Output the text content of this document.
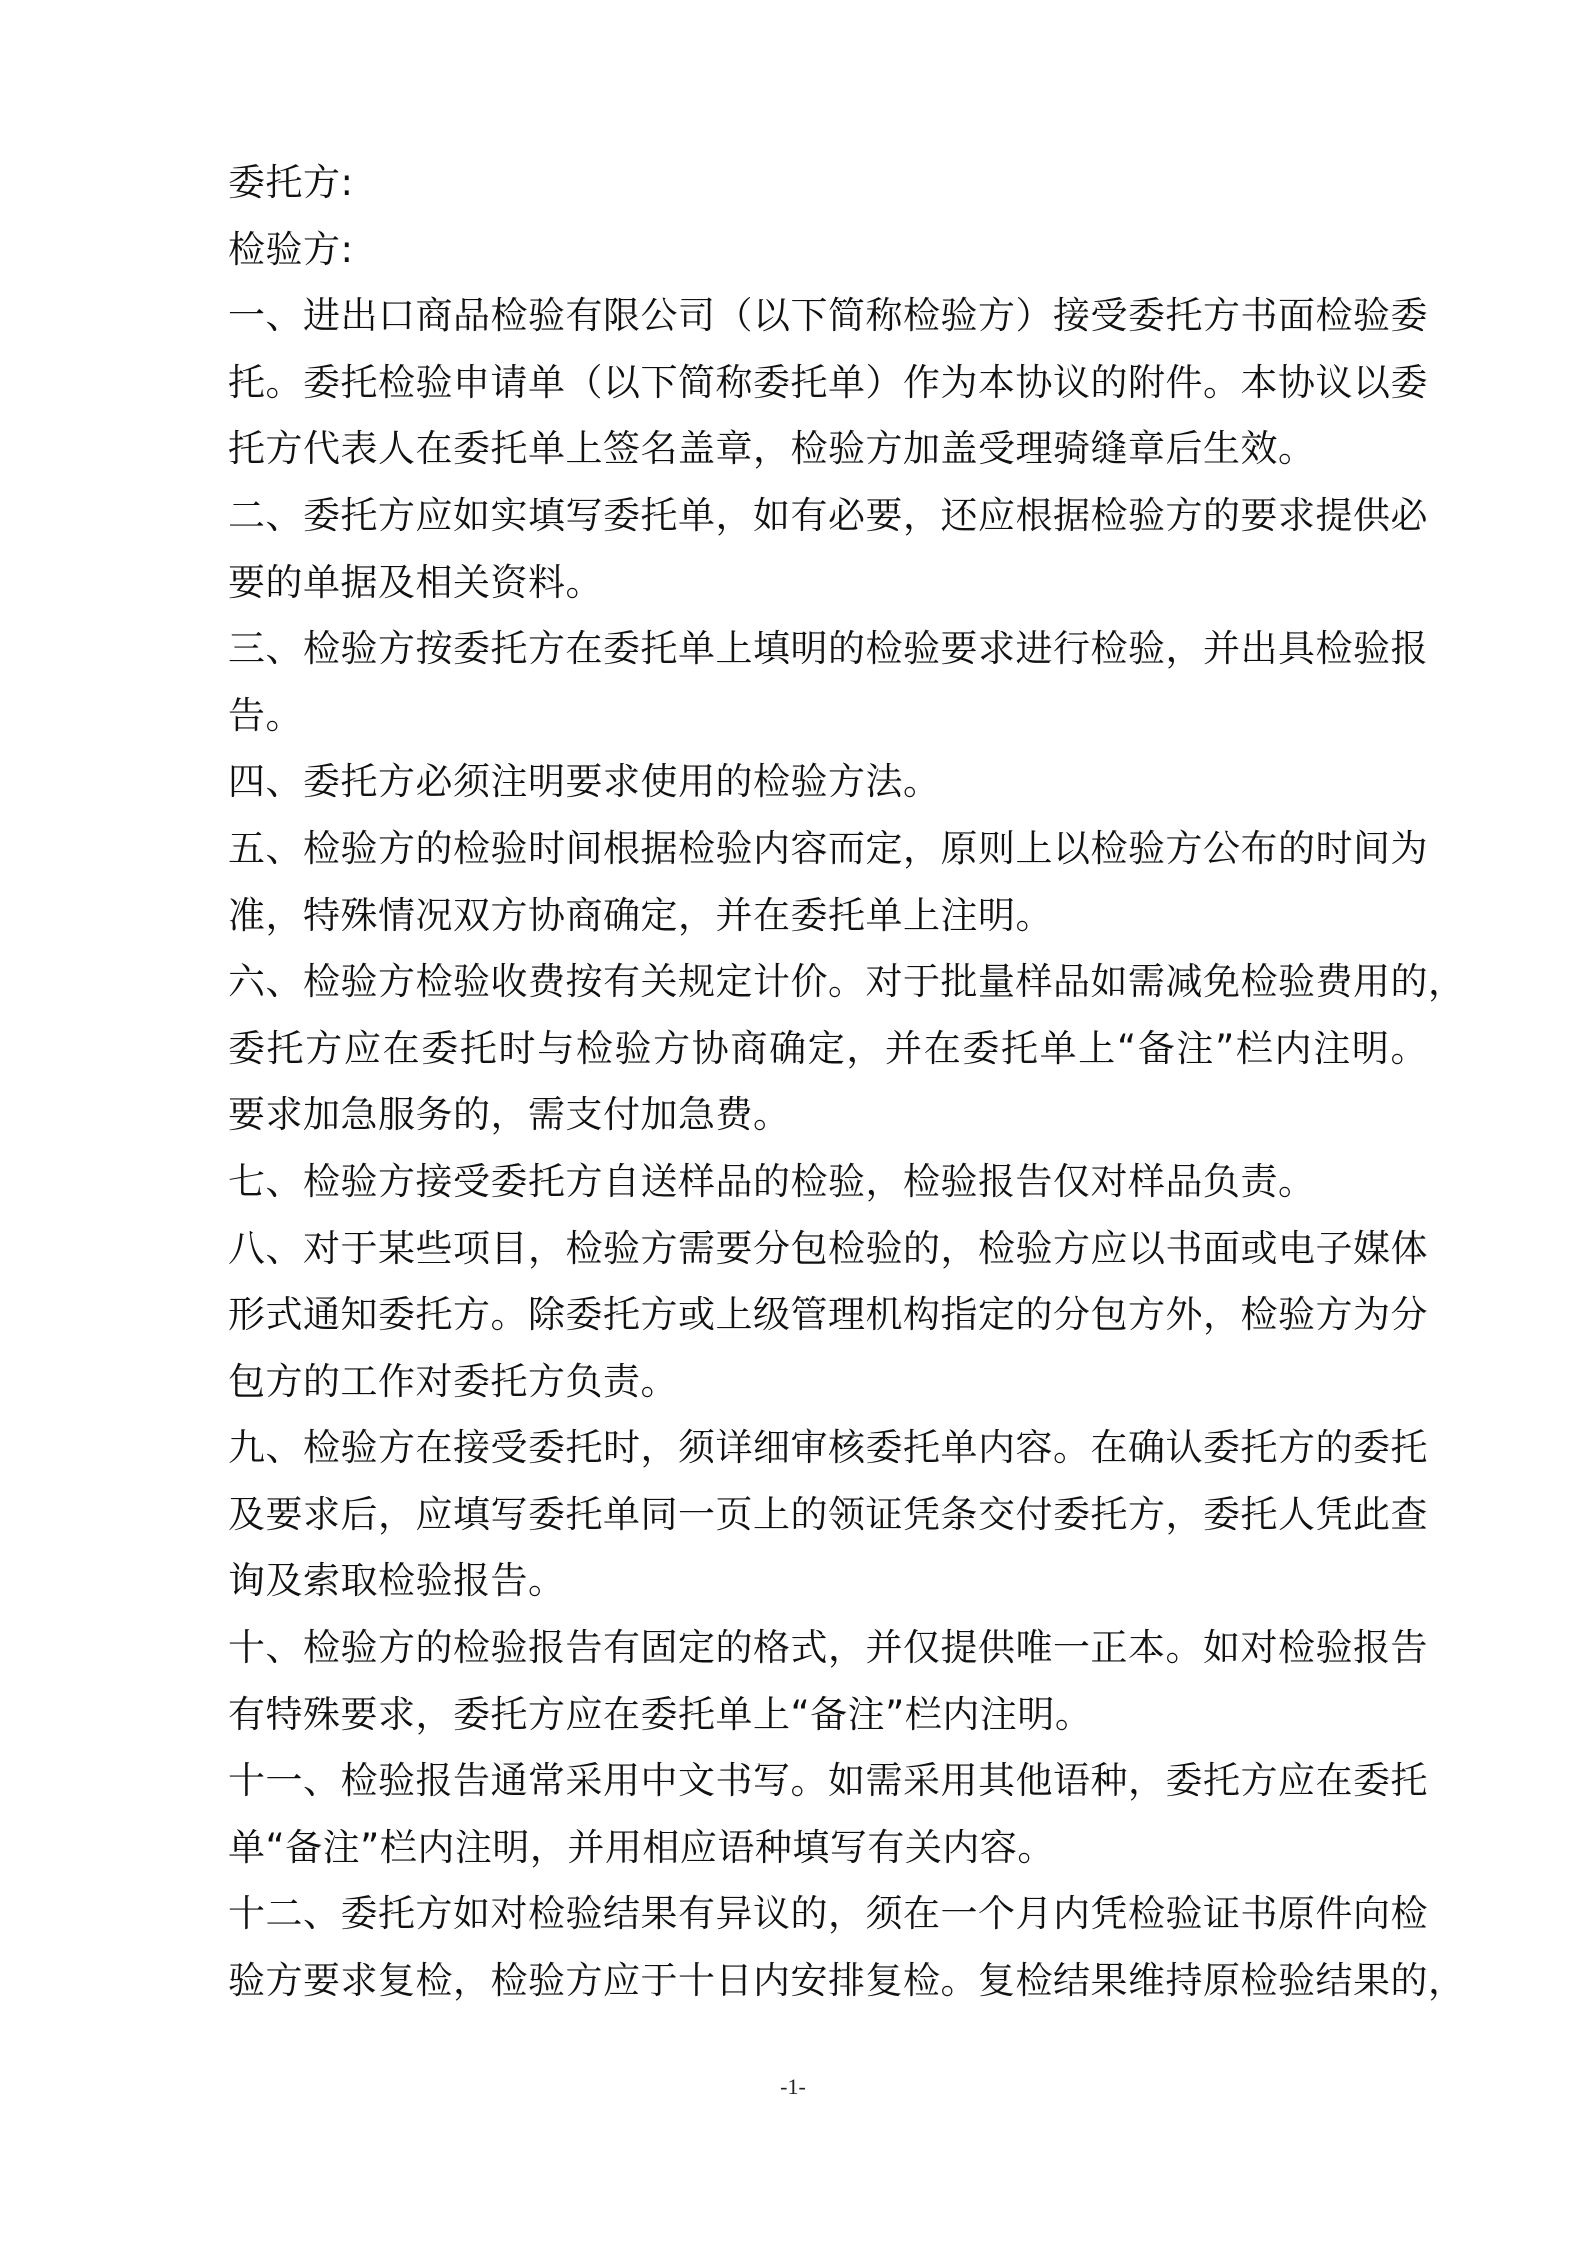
委托方:
检验方:
一、进出口商品检验有限公司（以下简称检验方）接受委托方书面检验委
托。委托检验申请单（以下简称委托单）作为本协议的附件。本协议以委
托方代表人在委托单上签名盖章，检验方加盖受理骑缝章后生效。
二、委托方应如实填写委托单，如有必要，还应根据检验方的要求提供必
要的单据及相关资料。
三、检验方按委托方在委托单上填明的检验要求进行检验，并出具检验报
告。
四、委托方必须注明要求使用的检验方法。
五、检验方的检验时间根据检验内容而定，原则上以检验方公布的时间为
准，特殊情况双方协商确定，并在委托单上注明。
六、检验方检验收费按有关规定计价。对于批量样品如需减免检验费用的，
委托方应在委托时与检验方协商确定，并在委托单上“备注”栏内注明。
要求加急服务的，需支付加急费。
七、检验方接受委托方自送样品的检验，检验报告仅对样品负责。
八、对于某些项目，检验方需要分包检验的，检验方应以书面或电子媒体
形式通知委托方。除委托方或上级管理机构指定的分包方外，检验方为分
包方的工作对委托方负责。
九、检验方在接受委托时，须详细审核委托单内容。在确认委托方的委托
及要求后，应填写委托单同一页上的领证凭条交付委托方，委托人凭此查
询及索取检验报告。
十、检验方的检验报告有固定的格式，并仅提供唯一正本。如对检验报告
有特殊要求，委托方应在委托单上“备注”栏内注明。
十一、检验报告通常采用中文书写。如需采用其他语种，委托方应在委托
单“备注”栏内注明，并用相应语种填写有关内容。
十二、委托方如对检验结果有异议的，须在一个月内凭检验证书原件向检
验方要求复检，检验方应于十日内安排复检。复检结果维持原检验结果的，
-1-
